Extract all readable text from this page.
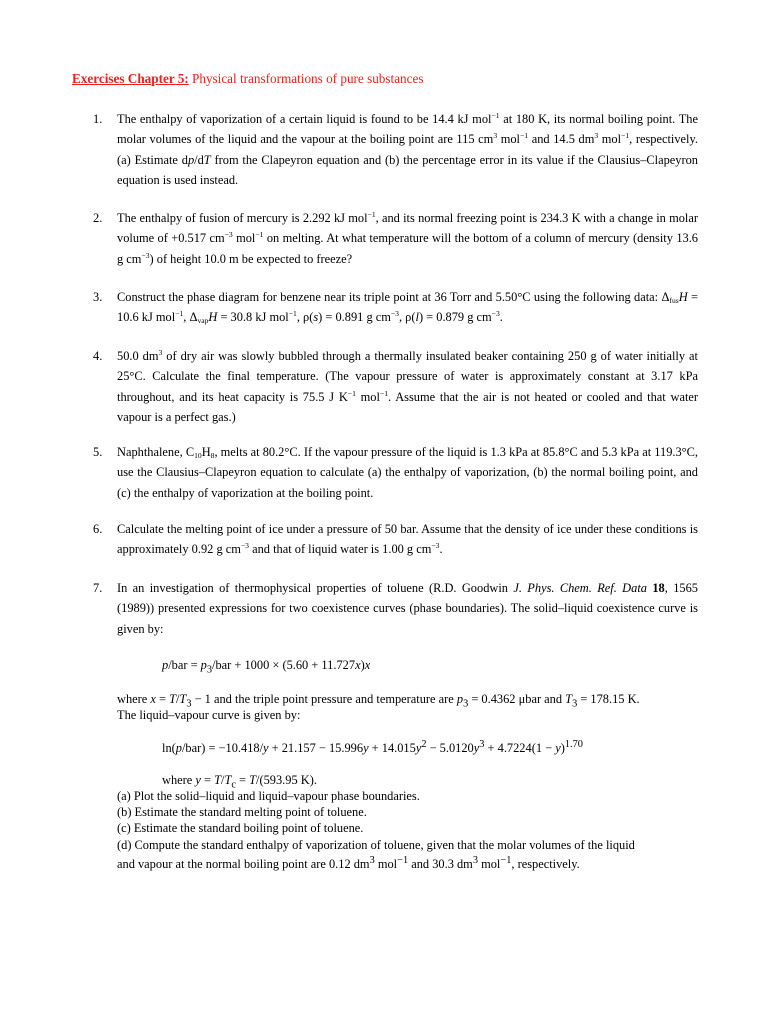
Exercises Chapter 5: Physical transformations of pure substances
1. The enthalpy of vaporization of a certain liquid is found to be 14.4 kJ mol$^{-1}$ at 180 K, its normal boiling point. The molar volumes of the liquid and the vapour at the boiling point are 115 $cm^3$ mol$^{-1}$ and 14.5 $dm^3$ mol$^{-1}$, respectively. (a) Estimate dp/dT from the Clapeyron equation and (b) the percentage error in its value if the Clausius–Clapeyron equation is used instead.
2. The enthalpy of fusion of mercury is 2.292 kJ mol$^{-1}$, and its normal freezing point is 234.3 K with a change in molar volume of +0.517 $cm^{-3}$ mol$^{-1}$ on melting. At what temperature will the bottom of a column of mercury (density 13.6 g $cm^{-3}$) of height 10.0 m be expected to freeze?
3. Construct the phase diagram for benzene near its triple point at 36 Torr and 5.50°C using the following data: $\Delta_{fus}H = 10.6$ kJ mol$^{-1}$, $\Delta_{vap}H = 30.8$ kJ mol$^{-1}$, ρ(s) = 0.891 g $cm^{-3}$, ρ(l) = 0.879 g $cm^{-3}$.
4. 50.0 $dm^3$ of dry air was slowly bubbled through a thermally insulated beaker containing 250 g of water initially at 25°C. Calculate the final temperature. (The vapour pressure of water is approximately constant at 3.17 kPa throughout, and its heat capacity is 75.5 J $K^{-1}$ mol$^{-1}$. Assume that the air is not heated or cooled and that water vapour is a perfect gas.)
5. Naphthalene, $C_{10}H_8$, melts at 80.2°C. If the vapour pressure of the liquid is 1.3 kPa at 85.8°C and 5.3 kPa at 119.3°C, use the Clausius–Clapeyron equation to calculate (a) the enthalpy of vaporization, (b) the normal boiling point, and (c) the enthalpy of vaporization at the boiling point.
6. Calculate the melting point of ice under a pressure of 50 bar. Assume that the density of ice under these conditions is approximately 0.92 g $cm^{-3}$ and that of liquid water is 1.00 g $cm^{-3}$.
7. In an investigation of thermophysical properties of toluene (R.D. Goodwin J. Phys. Chem. Ref. Data 18, 1565 (1989)) presented expressions for two coexistence curves (phase boundaries). The solid–liquid coexistence curve is given by:
$p/bar = p_3$/bar + 1000 × (5.60 + 11.727x)x
where $x = T/T_3 - 1$ and the triple point pressure and temperature are $p_3 = 0.4362$ μbar and $T_3 = 178.15$ K.
The liquid–vapour curve is given by:
$\ln(p/bar) = -10.418/y + 21.157 - 15.996y + 14.015y^2 - 5.0120y^3 + 4.7224(1 - y)^{1.70}$
where $y = T/T_c = T/(593.95$ K).
(a) Plot the solid–liquid and liquid–vapour phase boundaries.
(b) Estimate the standard melting point of toluene.
(c) Estimate the standard boiling point of toluene.
(d) Compute the standard enthalpy of vaporization of toluene, given that the molar volumes of the liquid
and vapour at the normal boiling point are 0.12 $dm^3$ mol$^{-1}$ and 30.3 $dm^3$ mol$^{-1}$, respectively.
